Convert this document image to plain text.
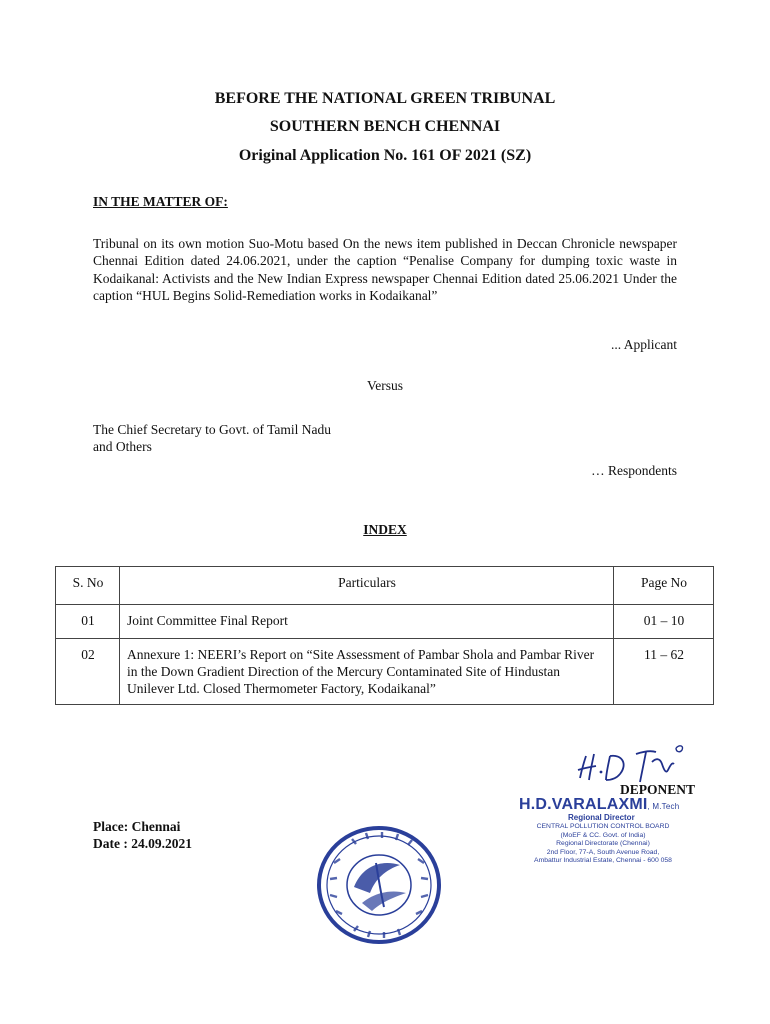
BEFORE THE NATIONAL GREEN TRIBUNAL
SOUTHERN BENCH CHENNAI
Original Application No. 161 OF 2021 (SZ)
IN THE MATTER OF:
Tribunal on its own motion Suo-Motu based On the news item published in Deccan Chronicle newspaper Chennai Edition dated 24.06.2021, under the caption “Penalise Company for dumping toxic waste in Kodaikanal: Activists and the New Indian Express newspaper Chennai Edition dated 25.06.2021 Under the caption “HUL Begins Solid-Remediation works in Kodaikanal”
... Applicant
Versus
The Chief Secretary to Govt. of Tamil Nadu
and Others
… Respondents
INDEX
S. No	Particulars	Page No
01	Joint Committee Final Report	01 – 10
02	Annexure 1: NEERI’s Report on “Site Assessment of Pambar Shola and Pambar River in the Down Gradient Direction of the Mercury Contaminated Site of Hindustan Unilever Ltd. Closed Thermometer Factory, Kodaikanal”	11 – 62
DEPONENT
H.D.VARALAXMI, M.Tech
Regional Director
CENTRAL POLLUTION CONTROL BOARD
(MoEF & CC. Govt. of India)
Regional Directorate (Chennai)
2nd Floor, 77-A, South Avenue Road,
Ambattur Industrial Estate, Chennai - 600 058
Place: Chennai
Date : 24.09.2021
